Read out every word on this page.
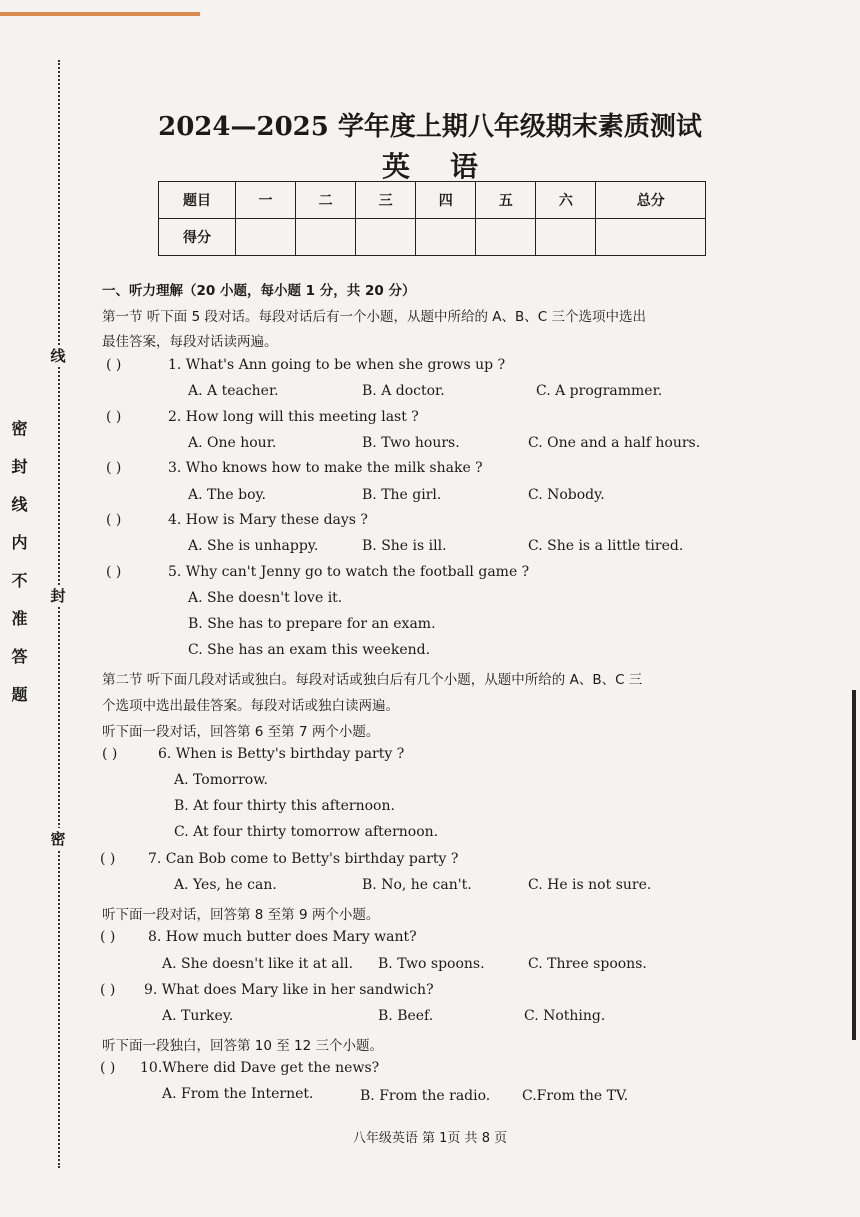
线
封
密
密封线内不准答题
2024—2025 学年度上期八年级期末素质测试
英语
题目	一	二	三	四	五	六	总分
得分							
一、听力理解（20 小题，每小题 1 分，共 20 分）
第一节 听下面 5 段对话。每段对话后有一个小题，从题中所给的 A、B、C 三个选项中选出
最佳答案，每段对话读两遍。
( )	1. What's Ann going to be when she grows up ?
A. A teacher.	B. A doctor.	C. A programmer.
( )	2. How long will this meeting last ?
A. One hour.	B. Two hours.	C. One and a half hours.
( )	3. Who knows how to make the milk shake ?
A. The boy.	B. The girl.	C. Nobody.
( )	4. How is Mary these days ?
A. She is unhappy.	B. She is ill.	C. She is a little tired.
( )	5. Why can't Jenny go to watch the football game ?
A. She doesn't love it.
B. She has to prepare for an exam.
C. She has an exam this weekend.
第二节 听下面几段对话或独白。每段对话或独白后有几个小题，从题中所给的 A、B、C 三
个选项中选出最佳答案。每段对话或独白读两遍。
听下面一段对话，回答第 6 至第 7 两个小题。
( )	6. When is Betty's birthday party ?
A. Tomorrow.
B. At four thirty this afternoon.
C. At four thirty tomorrow afternoon.
( ) 7. Can Bob come to Betty's birthday party ?
A. Yes, he can.	B. No, he can't.	C. He is not sure.
听下面一段对话，回答第 8 至第 9 两个小题。
( ) 8. How much butter does Mary want?
A. She doesn't like it at all. B. Two spoons.	C. Three spoons.
( ) 9. What does Mary like in her sandwich?
A. Turkey.	B. Beef.	C. Nothing.
听下面一段独白，回答第 10 至 12 三个小题。
( ) 10.Where did Dave get the news?
A. From the Internet.	B. From the radio. C.From the TV.
八年级英语 第 1页 共 8 页
